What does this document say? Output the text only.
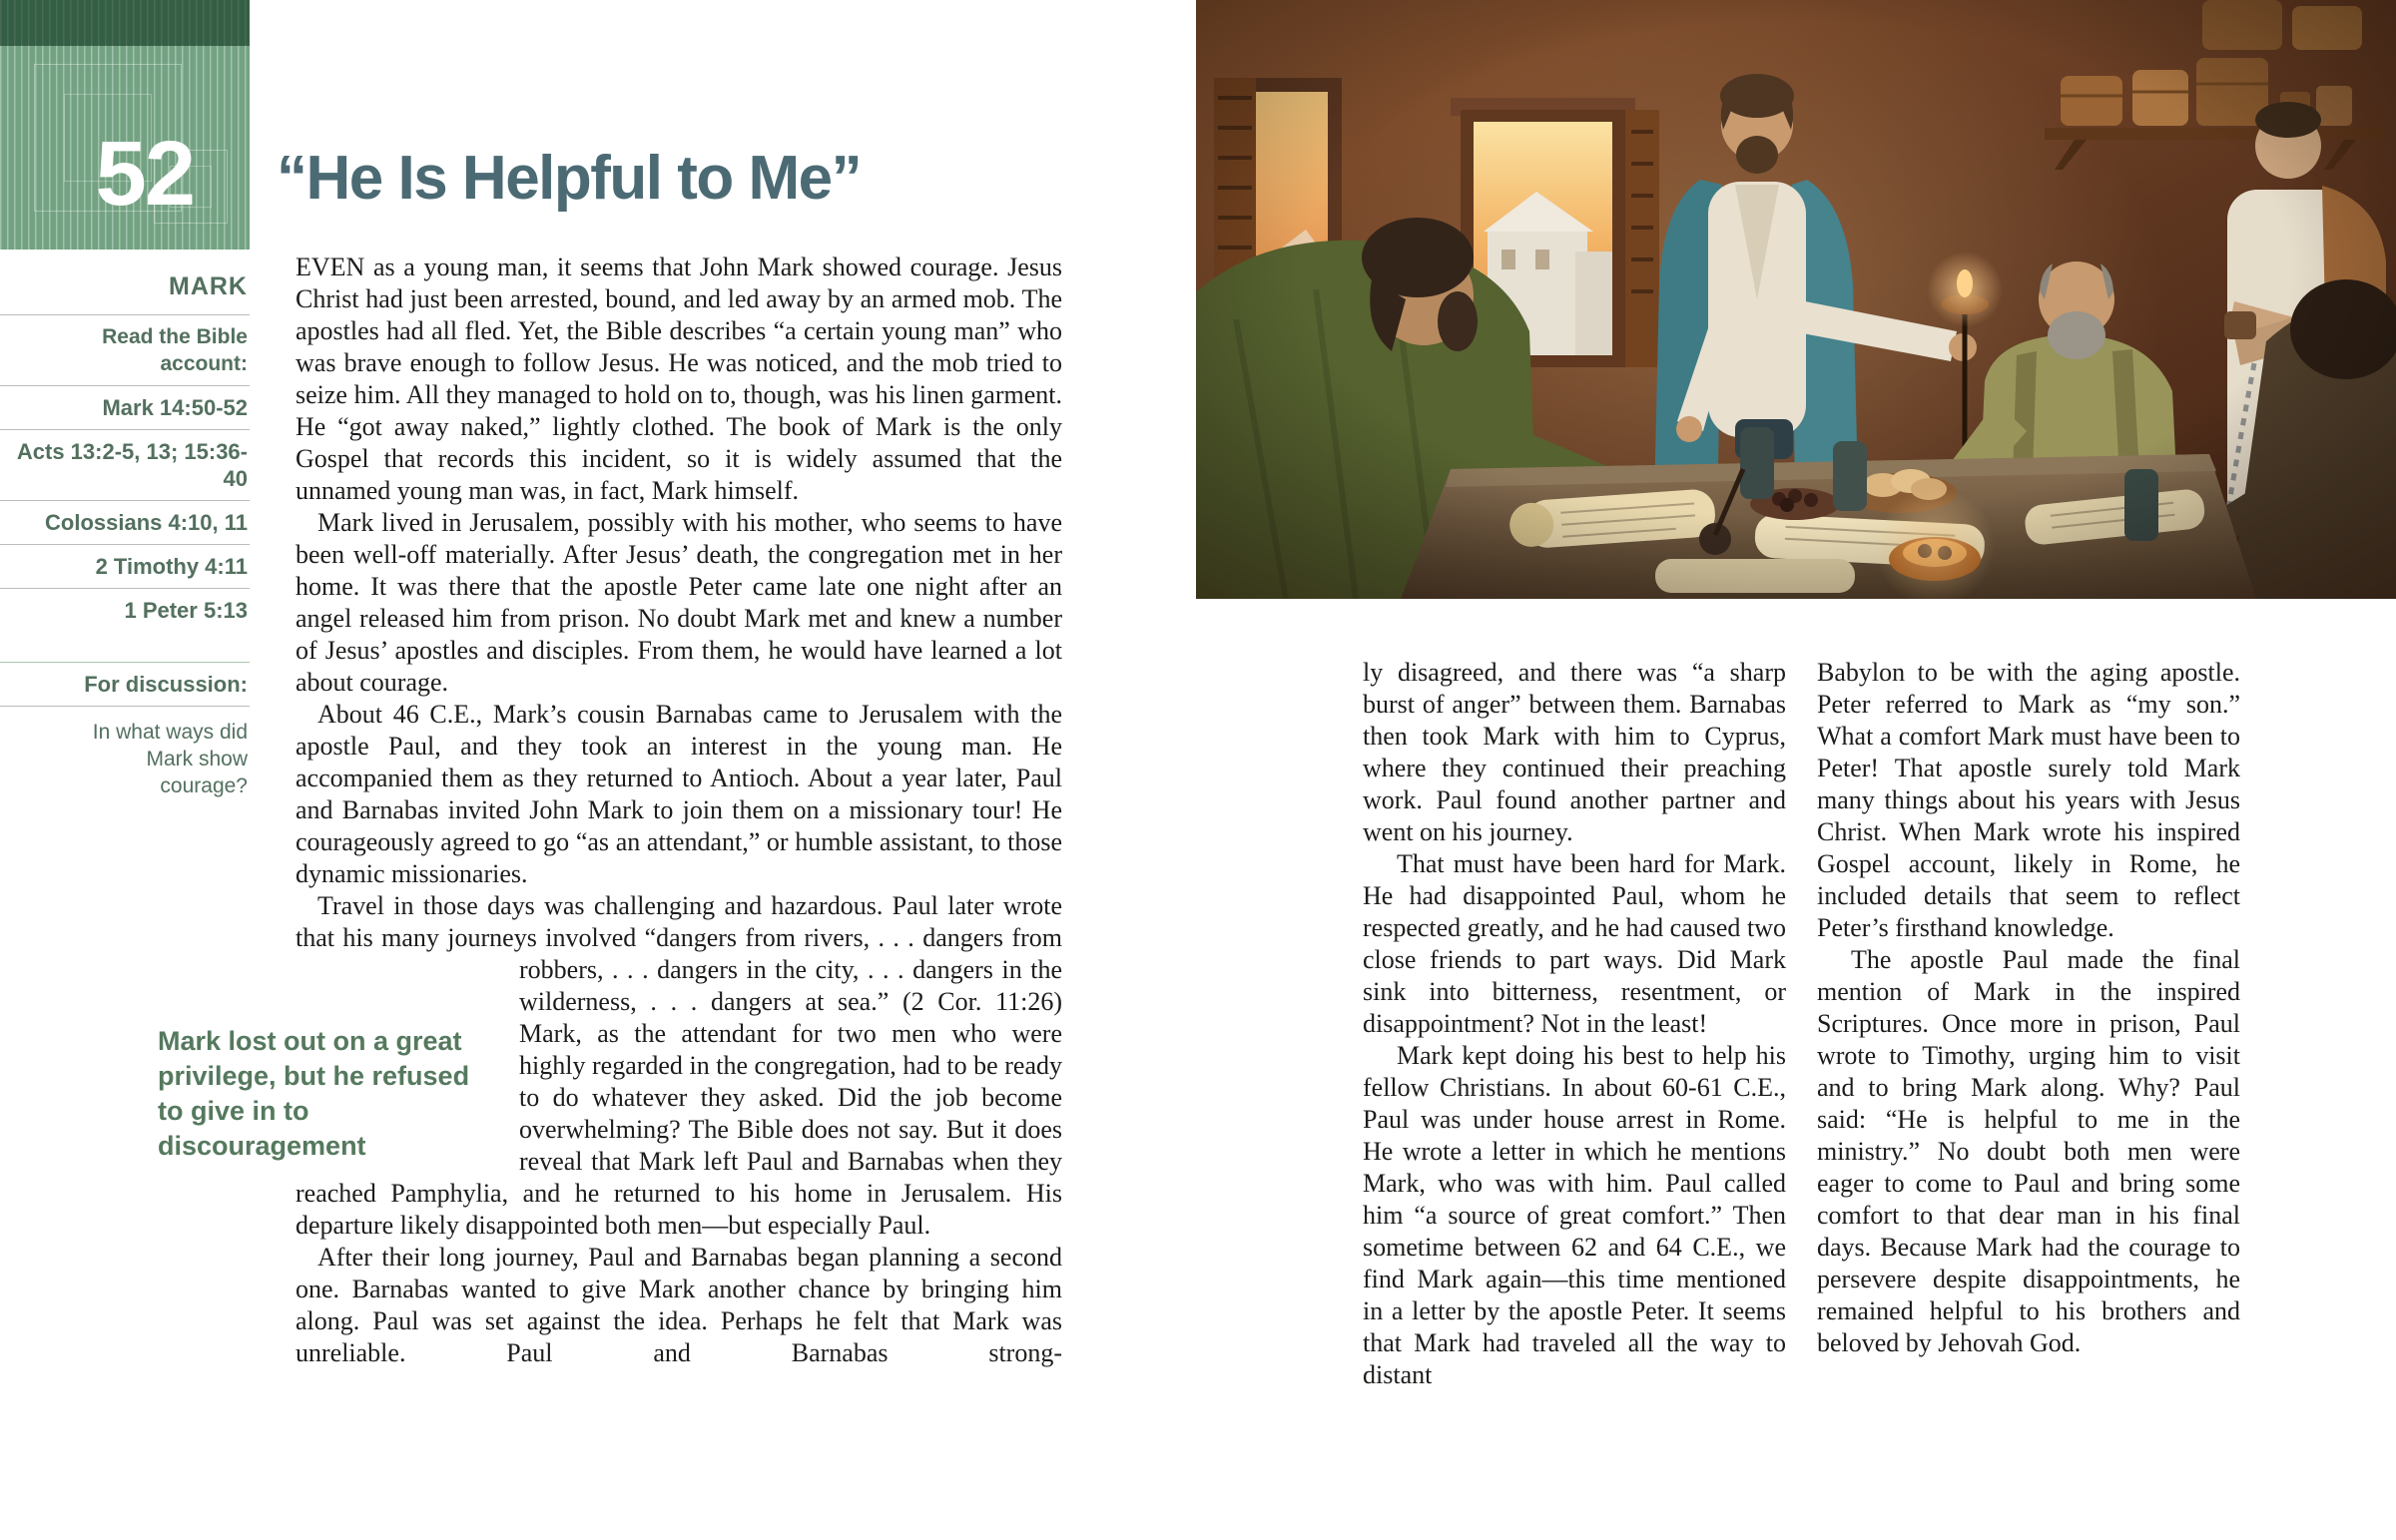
52
MARK
Read the Bible account:
Mark 14:50-52
Acts 13:2-5, 13; 15:36-40
Colossians 4:10, 11
2 Timothy 4:11
1 Peter 5:13
For discussion:
In what ways did Mark show courage?
“He Is Helpful to Me”

EVEN as a young man, it seems that John Mark showed courage. Jesus Christ had just been arrested, bound, and led away by an armed mob. The apostles had all fled. Yet, the Bible describes “a certain young man” who was brave enough to follow Jesus. He was noticed, and the mob tried to seize him. All they managed to hold on to, though, was his linen garment. He “got away naked,” lightly clothed. The book of Mark is the only Gospel that records this incident, so it is widely assumed that the unnamed young man was, in fact, Mark himself.

Mark lived in Jerusalem, possibly with his mother, who seems to have been well-off materially. After Jesus’ death, the congregation met in her home. It was there that the apostle Peter came late one night after an angel released him from prison. No doubt Mark met and knew a number of Jesus’ apostles and disciples. From them, he would have learned a lot about courage.

About 46 C.E., Mark’s cousin Barnabas came to Jerusalem with the apostle Paul, and they took an interest in the young man. He accompanied them as they returned to Antioch. About a year later, Paul and Barnabas invited John Mark to join them on a missionary tour! He courageously agreed to go “as an attendant,” or humble assistant, to those dynamic missionaries.

Travel in those days was challenging and hazardous. Paul later wrote that his many journeys involved “dangers from rivers, . . . dangers from robbers, . . . dangers in the city, . . . dangers in the wilderness, . . . dangers at sea.” (2 Cor. 11:26) Mark, as the attendant for two men who were highly regarded in the congregation, had to be ready to do whatever they asked. Did the job become overwhelming? The Bible does not say. But it does reveal that Mark left Paul and Barnabas when they reached Pamphylia, and he returned to his home in Jerusalem. His departure likely disappointed both men—but especially Paul.

After their long journey, Paul and Barnabas began planning a second one. Barnabas wanted to give Mark another chance by bringing him along. Paul was set against the idea. Perhaps he felt that Mark was unreliable. Paul and Barnabas strong-

Mark lost out on a great privilege, but he refused to give in to discouragement

ly disagreed, and there was “a sharp burst of anger” between them. Barnabas then took Mark with him to Cyprus, where they continued their preaching work. Paul found another partner and went on his journey.

That must have been hard for Mark. He had disappointed Paul, whom he respected greatly, and he had caused two close friends to part ways. Did Mark sink into bitterness, resentment, or disappointment? Not in the least!

Mark kept doing his best to help his fellow Christians. In about 60-61 C.E., Paul was under house arrest in Rome. He wrote a letter in which he mentions Mark, who was with him. Paul called him “a source of great comfort.” Then sometime between 62 and 64 C.E., we find Mark again—this time mentioned in a letter by the apostle Peter. It seems that Mark had traveled all the way to distant

Babylon to be with the aging apostle. Peter referred to Mark as “my son.” What a comfort Mark must have been to Peter! That apostle surely told Mark many things about his years with Jesus Christ. When Mark wrote his inspired Gospel account, likely in Rome, he included details that seem to reflect Peter’s firsthand knowledge.

The apostle Paul made the final mention of Mark in the inspired Scriptures. Once more in prison, Paul wrote to Timothy, urging him to visit and to bring Mark along. Why? Paul said: “He is helpful to me in the ministry.” No doubt both men were eager to come to Paul and bring some comfort to that dear man in his final days. Because Mark had the courage to persevere despite disappointments, he remained helpful to his brothers and beloved by Jehovah God.
